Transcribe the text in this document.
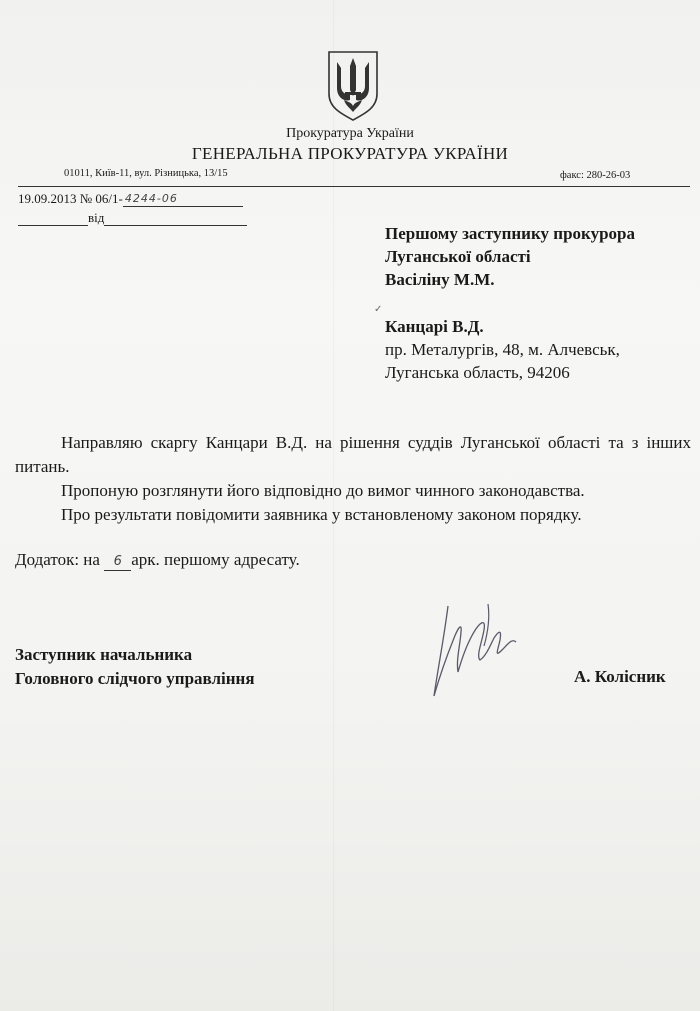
Прокуратура України
ГЕНЕРАЛЬНА ПРОКУРАТУРА УКРАЇНИ
01011, Київ-11, вул. Різницька, 13/15	факс: 280-26-03
19.09.2013 № 06/1- 4244-06
від
Першому заступнику прокурора
Луганської області
Васіліну М.М.
✓
Канцарі В.Д.
пр. Металургів, 48, м. Алчевськ,
Луганська область, 94206

Направляю скаргу Канцари В.Д. на рішення суддів Луганської області та з інших питань.

Пропоную розглянути його відповідно до вимог чинного законодавства.

Про результати повідомити заявника у встановленому законом порядку.

Додаток: на 6 арк. першому адресату.
Заступник начальника
Головного слідчого управління	А. Колісник
